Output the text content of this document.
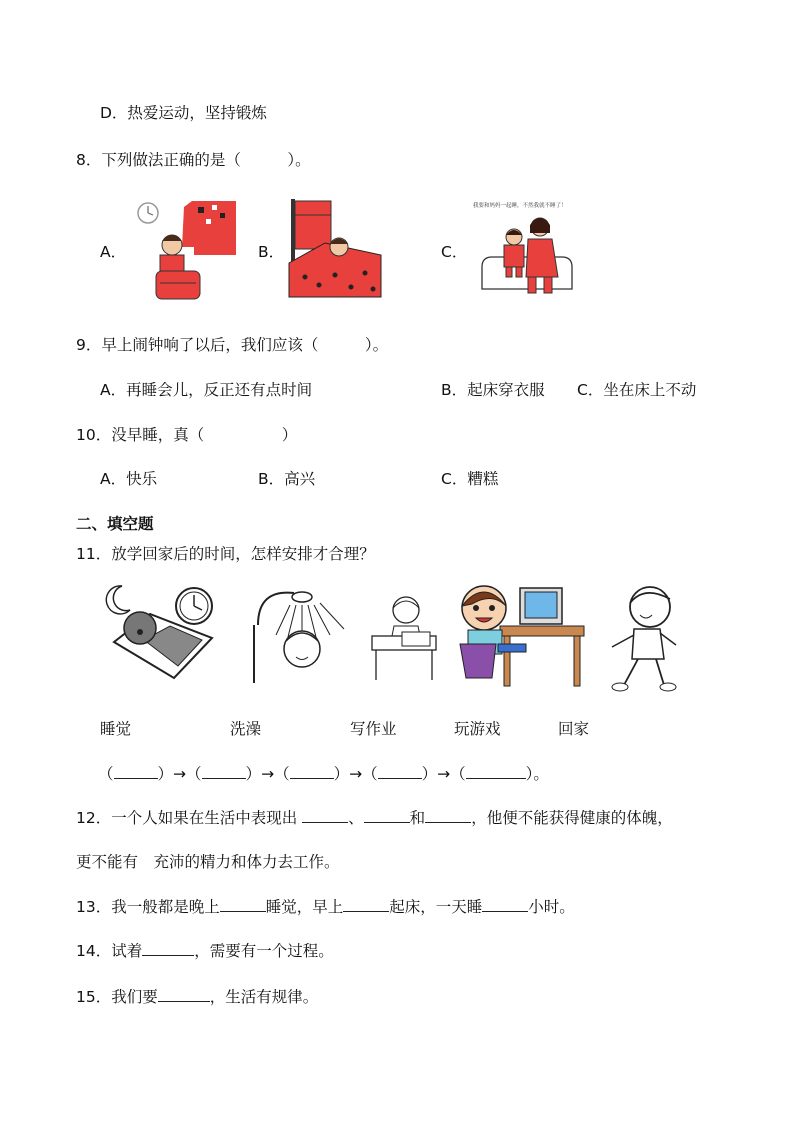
D．热爱运动，坚持锻炼
8．下列做法正确的是（　　　）。
A．	B．	C．
我要和妈妈一起睡，不然我就不睡了！
9．早上闹钟响了以后，我们应该（　　　）。
A．再睡会儿，反正还有点时间	B．起床穿衣服 C．坐在床上不动
10．没早睡，真（　　　　　）
A．快乐	B．高兴	C．糟糕
二、填空题
11．放学回家后的时间，怎样安排才合理？
睡觉	洗澡	写作业	玩游戏	回家
（	）→（	）→（	）→（	）→（	）。
12．一个人如果在生活中表现出	、	和	，他便不能获得健康的体魄，
更不能有　充沛的精力和体力去工作。
13．我一般都是晚上	睡觉，早上	起床，一天睡	小时。
14．试着	，需要有一个过程。
15．我们要	，生活有规律。
